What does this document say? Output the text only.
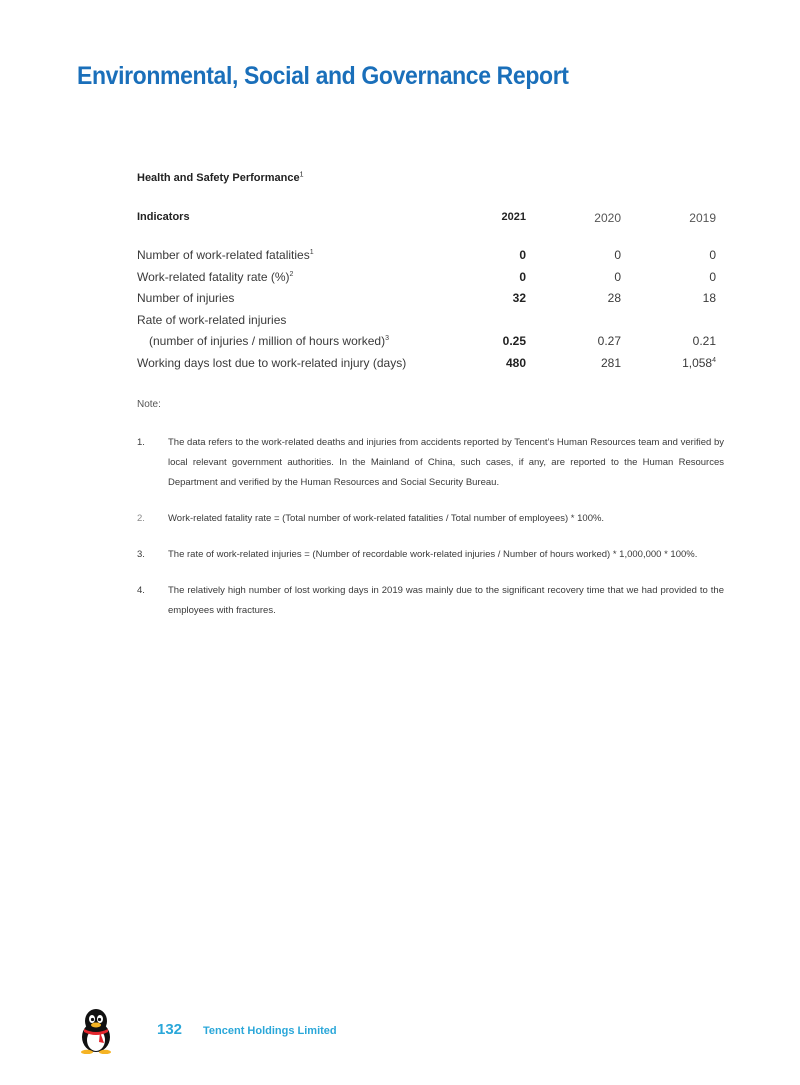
Environmental, Social and Governance Report
Health and Safety Performance$^1$
Indicators	2021	2020	2019
Number of work-related fatalities$^1$	0	0	0
Work-related fatality rate (%)$^2$	0	0	0
Number of injuries	32	28	18
Rate of work-related injuries
(number of injuries / million of hours worked)$^3$	0.25	0.27	0.21
Working days lost due to work-related injury (days)	480	281	1,058$^4$
Note:
1. The data refers to the work-related deaths and injuries from accidents reported by Tencent’s Human Resources team and verified by local relevant government authorities. In the Mainland of China, such cases, if any, are reported to the Human Resources Department and verified by the Human Resources and Social Security Bureau.
2. Work-related fatality rate = (Total number of work-related fatalities / Total number of employees) * 100%.
3. The rate of work-related injuries = (Number of recordable work-related injuries / Number of hours worked) * 1,000,000 * 100%.
4. The relatively high number of lost working days in 2019 was mainly due to the significant recovery time that we had provided to the employees with fractures.
132 Tencent Holdings Limited
